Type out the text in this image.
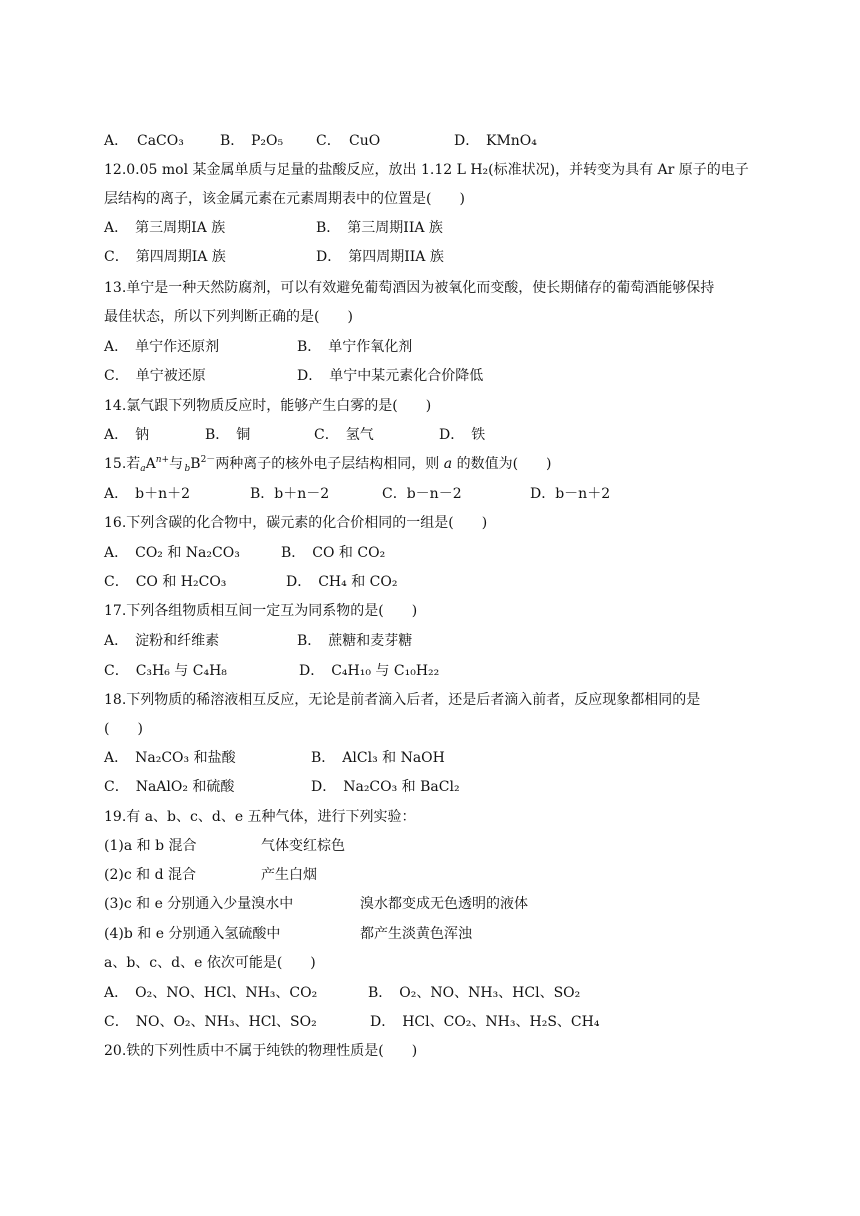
A． CaCO₃	B． P₂O₅ C． CuO	D． KMnO₄
12.0.05 mol 某金属单质与足量的盐酸反应，放出 1.12 L H₂(标准状况)，并转变为具有 Ar 原子的电子
层结构的离子，该金属元素在元素周期表中的位置是(　　)
A．　第三周期IA 族	B．　第三周期IIA 族
C．　第四周期IA 族	D．　第四周期IIA 族
13.单宁是一种天然防腐剂，可以有效避免葡萄酒因为被氧化而变酸，使长期储存的葡萄酒能够保持
最佳状态，所以下列判断正确的是(　　)
A．　单宁作还原剂	B．　单宁作氧化剂
C．　单宁被还原	D．　单宁中某元素化合价降低
14.氯气跟下列物质反应时，能够产生白雾的是(　　)
A．　钠	B．　铜	C．　氢气	D．　铁
15.若$_aA^{n+}$与 $_bB^{2-}$两种离子的核外电子层结构相同，则 a 的数值为(　　)
A．　b＋n＋2	B．b＋n－2	C．b－n－2	D．b－n＋2
16.下列含碳的化合物中，碳元素的化合价相同的一组是(　　)
A．　CO₂ 和 Na₂CO₃	B．　CO 和 CO₂
C．　CO 和 H₂CO₃	D．　CH₄ 和 CO₂
17.下列各组物质相互间一定互为同系物的是(　　)
A．　淀粉和纤维素	B．　蔗糖和麦芽糖
C．　C₃H₆ 与 C₄H₈	D．　C₄H₁₀ 与 C₁₀H₂₂
18.下列物质的稀溶液相互反应，无论是前者滴入后者，还是后者滴入前者，反应现象都相同的是
(　　)
A．　Na₂CO₃ 和盐酸	B．　AlCl₃ 和 NaOH
C．　NaAlO₂ 和硫酸	D．　Na₂CO₃ 和 BaCl₂
19.有 a、b、c、d、e 五种气体，进行下列实验：
(1)a 和 b 混合	气体变红棕色
(2)c 和 d 混合	产生白烟
(3)c 和 e 分别通入少量溴水中	溴水都变成无色透明的液体
(4)b 和 e 分别通入氢硫酸中	都产生淡黄色浑浊
a、b、c、d、e 依次可能是(　　)
A．　O₂、NO、HCl、NH₃、CO₂	B．　O₂、NO、NH₃、HCl、SO₂
C．　NO、O₂、NH₃、HCl、SO₂	D．　HCl、CO₂、NH₃、H₂S、CH₄
20.铁的下列性质中不属于纯铁的物理性质是(　　)
